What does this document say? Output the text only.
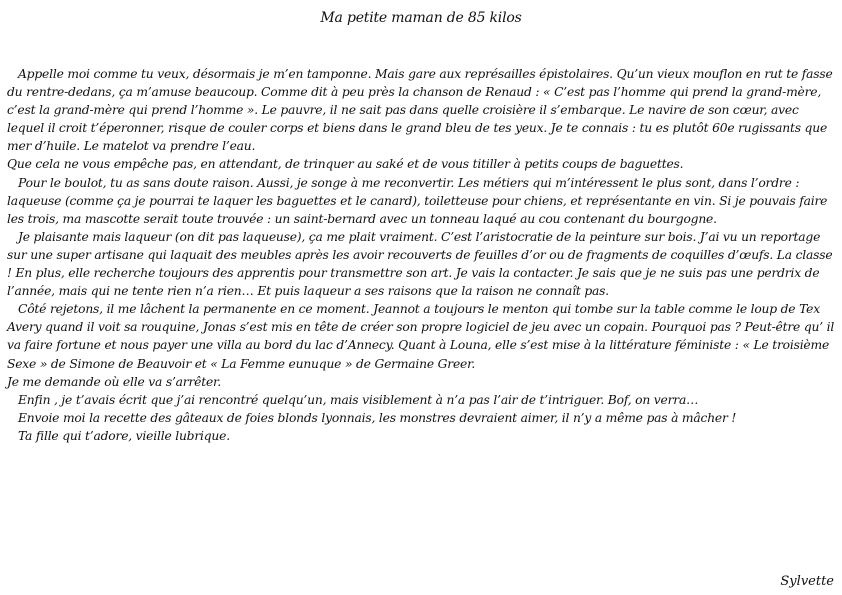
Ma petite maman de 85 kilos

Appelle moi comme tu veux, désormais je m’en tamponne. Mais gare aux représailles épistolaires. Qu’un vieux mouflon en rut te fasse du rentre-dedans, ça m’amuse beaucoup. Comme dit à peu près la chanson de Renaud : « C’est pas l’homme qui prend la grand-mère, c’est la grand-mère qui prend l’homme ». Le pauvre, il ne sait pas dans quelle croisière il s’embarque. Le navire de son cœur, avec lequel il croit t’éperonner, risque de couler corps et biens dans le grand bleu de tes yeux. Je te connais : tu es plutôt 60e rugissants que mer d’huile. Le matelot va prendre l’eau.

Que cela ne vous empêche pas, en attendant, de trinquer au saké et de vous titiller à petits coups de baguettes.

Pour le boulot, tu as sans doute raison. Aussi, je songe à me reconvertir. Les métiers qui m’intéressent le plus sont, dans l’ordre : laqueuse (comme ça je pourrai te laquer les baguettes et le canard), toiletteuse pour chiens, et représentante en vin. Si je pouvais faire les trois, ma mascotte serait toute trouvée : un saint-bernard avec un tonneau laqué au cou contenant du bourgogne.

Je plaisante mais laqueur (on dit pas laqueuse), ça me plait vraiment. C’est l’aristocratie de la peinture sur bois. J’ai vu un reportage sur une super artisane qui laquait des meubles après les avoir recouverts de feuilles d’or ou de fragments de coquilles d’œufs. La classe ! En plus, elle recherche toujours des apprentis pour transmettre son art. Je vais la contacter. Je sais que je ne suis pas une perdrix de l’année, mais qui ne tente rien n’a rien… Et puis laqueur a ses raisons que la raison ne connaît pas.

Côté rejetons, il me lâchent la permanente en ce moment. Jeannot a toujours le menton qui tombe sur la table comme le loup de Tex Avery quand il voit sa rouquine, Jonas s’est mis en tête de créer son propre logiciel de jeu avec un copain. Pourquoi pas ? Peut-être qu’ il va faire fortune et nous payer une villa au bord du lac d’Annecy. Quant à Louna, elle s’est mise à la littérature féministe : « Le troisième Sexe » de Simone de Beauvoir et « La Femme eunuque » de Germaine Greer.

Je me demande où elle va s’arrêter.

Enfin , je t’avais écrit que j’ai rencontré quelqu’un, mais visiblement à n’a pas l’air de t’intriguer. Bof, on verra…

Envoie moi la recette des gâteaux de foies blonds lyonnais, les monstres devraient aimer, il n’y a même pas à mâcher !

Ta fille qui t’adore, vieille lubrique.

Sylvette
